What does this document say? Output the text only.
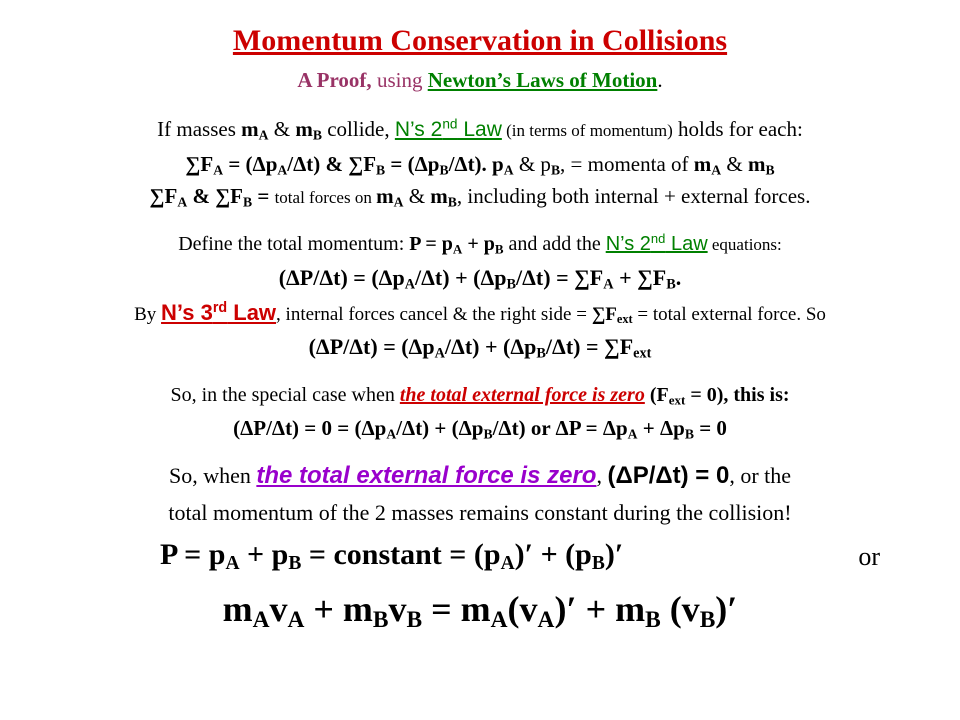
Momentum Conservation in Collisions
A Proof, using Newton’s Laws of Motion.
If masses $m_A$ & $m_B$ collide, N’s 2nd Law (in terms of momentum) holds for each:
$\sum F_A = (\Delta p_A/\Delta t)$ & $\sum F_B = (\Delta p_B/\Delta t)$. $p_A$ & $p_B$, = momenta of $m_A$ & $m_B$
$\sum F_A$ & $\sum F_B$ = total forces on $m_A$ & $m_B$, including both internal + external forces.
Define the total momentum: $P = p_A + p_B$ and add the N’s 2nd Law equations:
$(\Delta P/\Delta t) = (\Delta p_A/\Delta t) + (\Delta p_B/\Delta t) = \sum F_A + \sum F_B$.
By N’s 3rd Law, internal forces cancel & the right side = $\sum F_{ext}$ = total external force. So
$(\Delta P/\Delta t) = (\Delta p_A/\Delta t) + (\Delta p_B/\Delta t) = \sum F_{ext}$
So, in the special case when the total external force is zero $(F_{ext} = 0)$, this is:
$(\Delta P/\Delta t) = 0 = (\Delta p_A/\Delta t) + (\Delta p_B/\Delta t)$ or $\Delta P = \Delta p_A + \Delta p_B = 0$
So, when the total external force is zero, (ΔP/Δt) = 0, or the
total momentum of the 2 masses remains constant during the collision!
$P = p_A + p_B$ = constant = $(p_A)' + (p_B)'$	or
$m_Av_A + m_Bv_B = m_A(v_A)' + m_B$ $(v_B)'$
